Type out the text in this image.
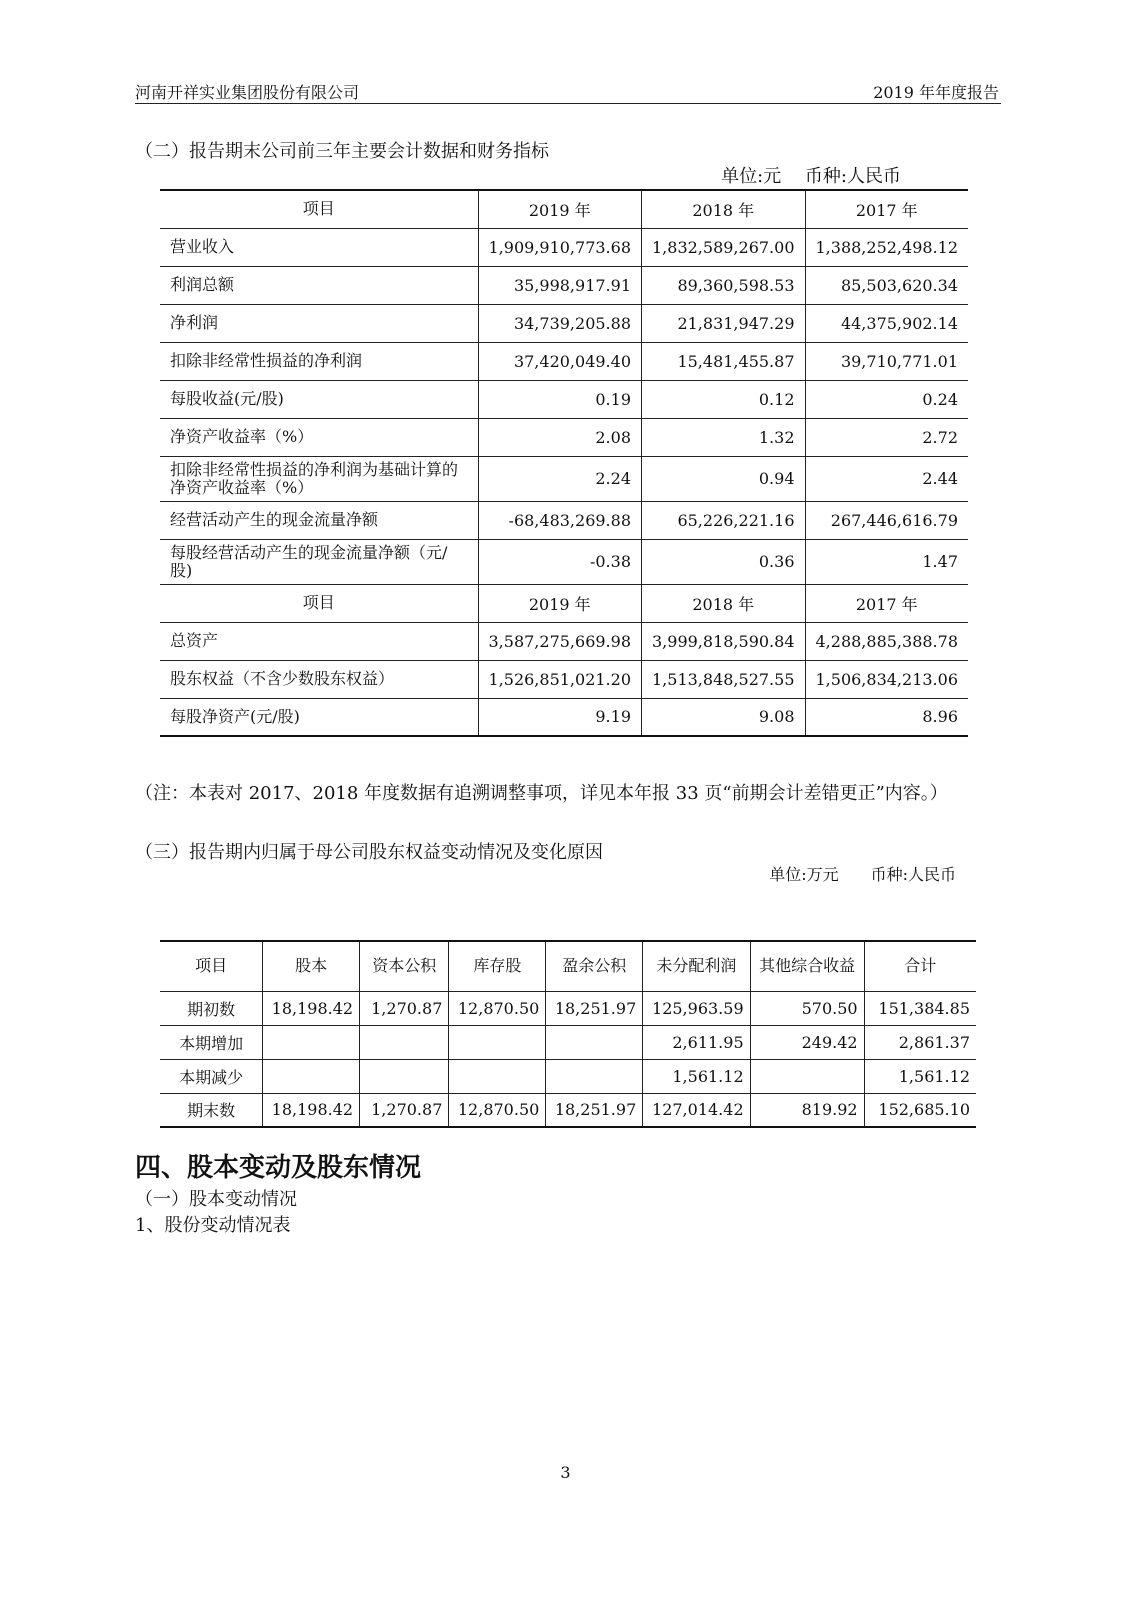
河南开祥实业集团股份有限公司	2019 年年度报告
（二）报告期末公司前三年主要会计数据和财务指标
单位:元　 币种:人民币
项目	2019 年	2018 年	2017 年
营业收入	1,909,910,773.68	1,832,589,267.00	1,388,252,498.12
利润总额	35,998,917.91	89,360,598.53	85,503,620.34
净利润	34,739,205.88	21,831,947.29	44,375,902.14
扣除非经常性损益的净利润	37,420,049.40	15,481,455.87	39,710,771.01
每股收益(元/股)	0.19	0.12	0.24
净资产收益率（%）	2.08	1.32	2.72
扣除非经常性损益的净利润为基础计算的净资产收益率（%）	2.24	0.94	2.44
经营活动产生的现金流量净额	-68,483,269.88	65,226,221.16	267,446,616.79
每股经营活动产生的现金流量净额（元/股)	-0.38	0.36	1.47
项目	2019 年	2018 年	2017 年
总资产	3,587,275,669.98	3,999,818,590.84	4,288,885,388.78
股东权益（不含少数股东权益）	1,526,851,021.20	1,513,848,527.55	1,506,834,213.06
每股净资产(元/股)	9.19	9.08	8.96
（注：本表对 2017、2018 年度数据有追溯调整事项，详见本年报 33 页“前期会计差错更正”内容。）
（三）报告期内归属于母公司股东权益变动情况及变化原因
单位:万元　　币种:人民币
项目	股本	资本公积	库存股	盈余公积	未分配利润	其他综合收益	合计
期初数	18,198.42	1,270.87	12,870.50	18,251.97	125,963.59	570.50	151,384.85
本期增加					2,611.95	249.42	2,861.37
本期减少					1,561.12		1,561.12
期末数	18,198.42	1,270.87	12,870.50	18,251.97	127,014.42	819.92	152,685.10
四、股本变动及股东情况
（一）股本变动情况
1、股份变动情况表
3
